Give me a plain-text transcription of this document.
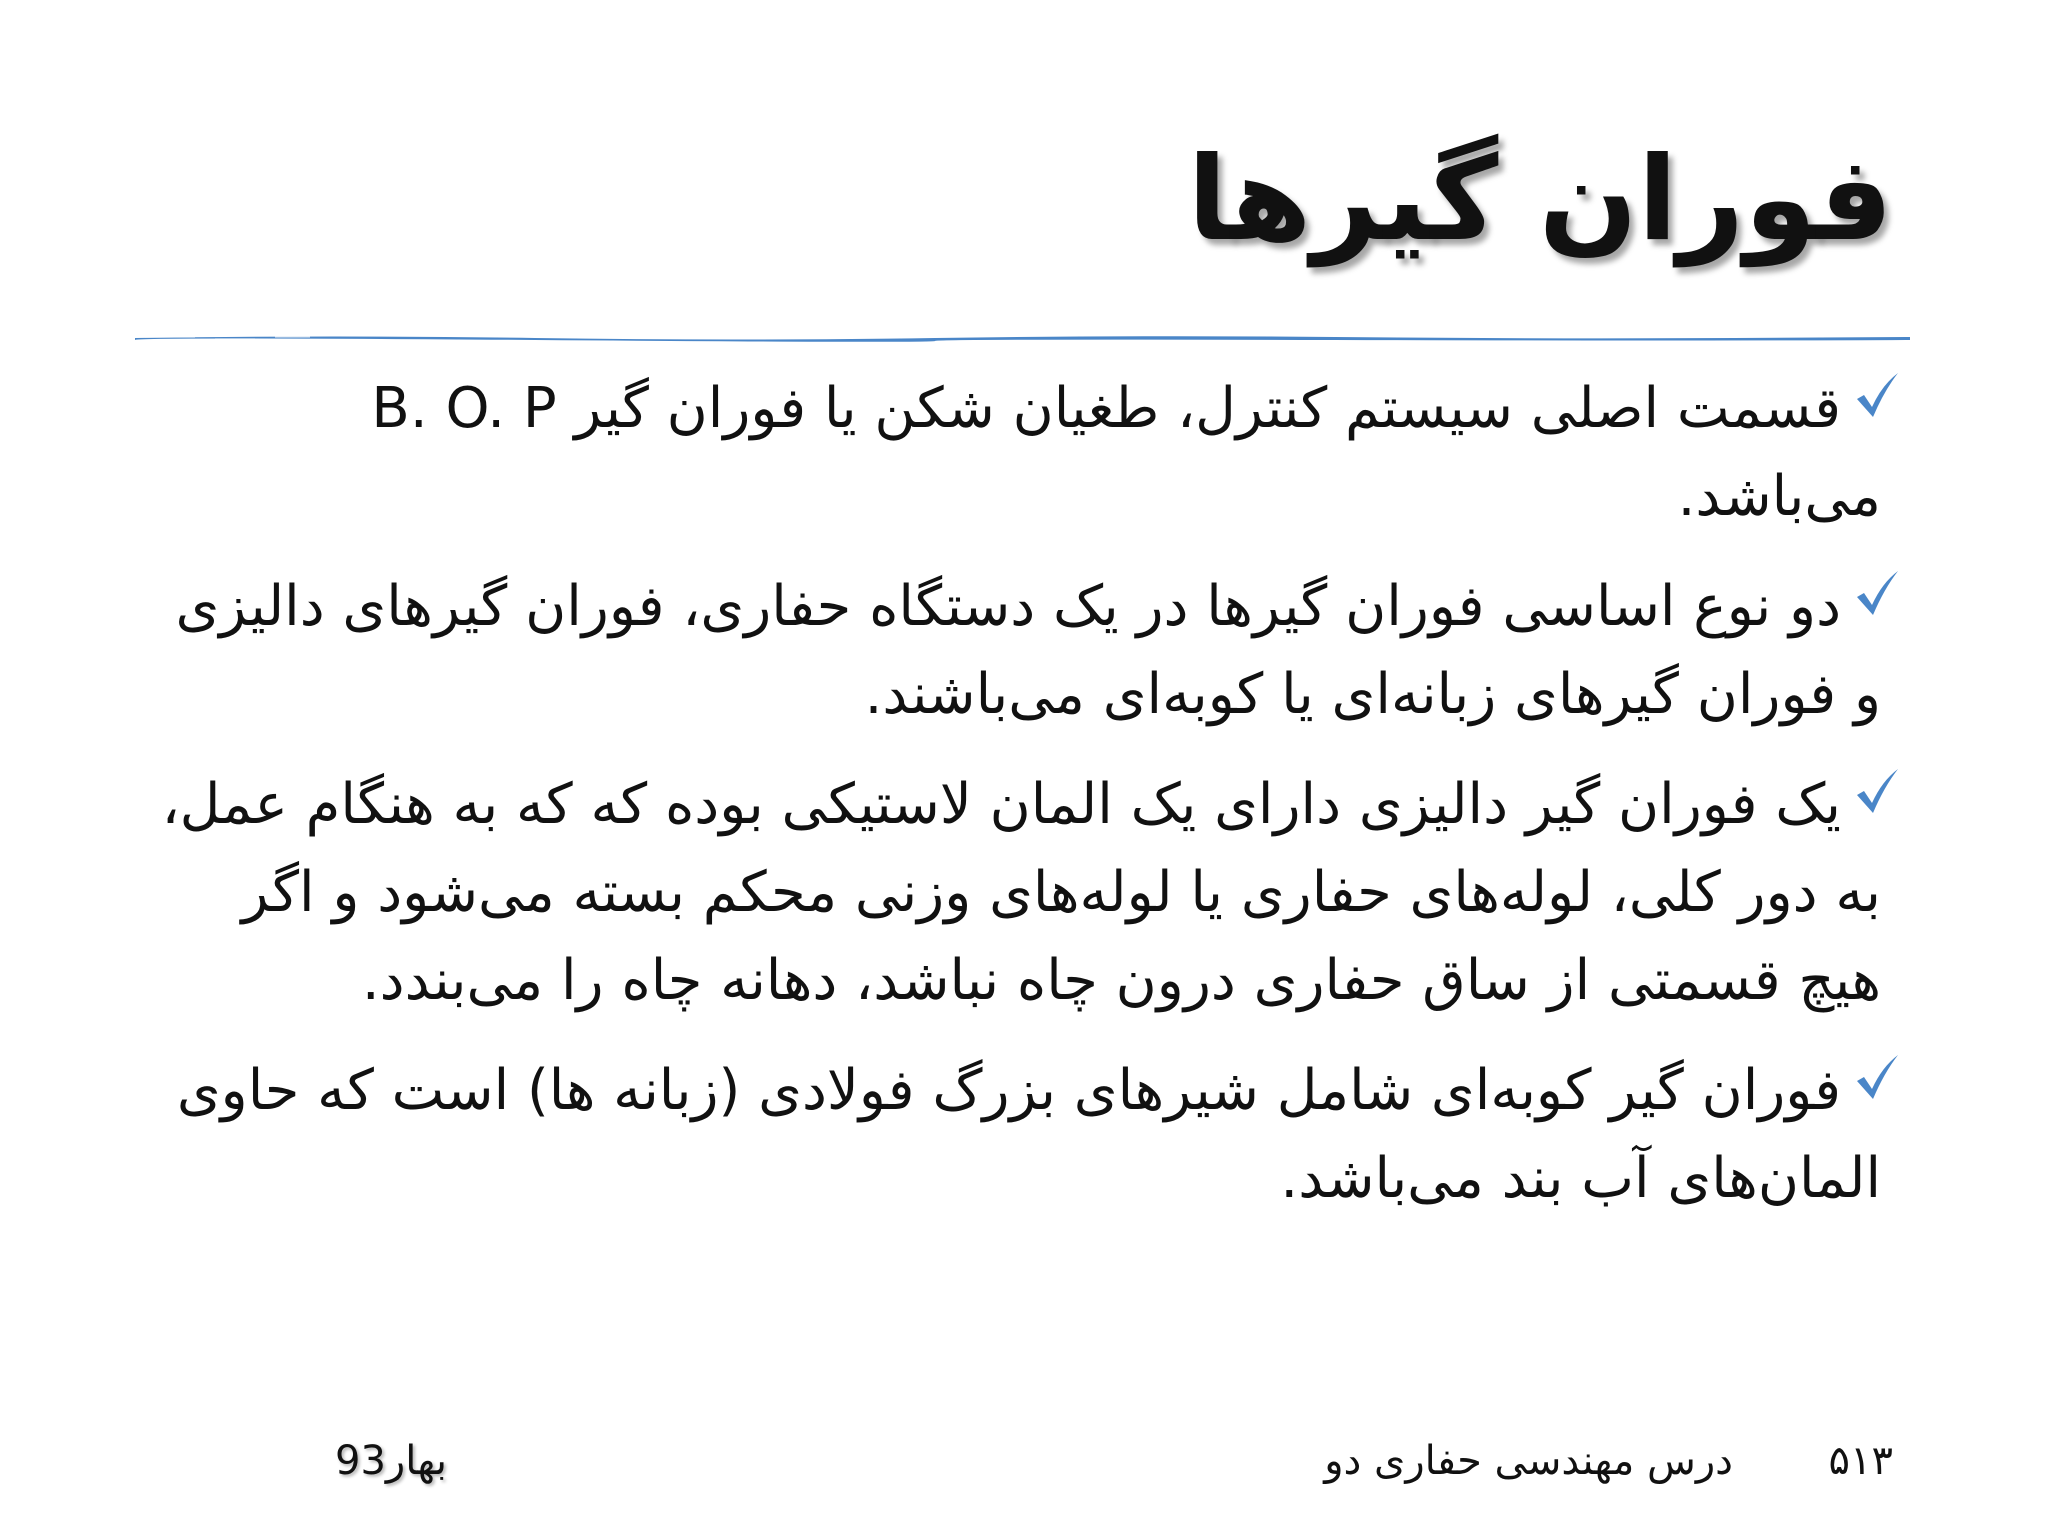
فوران گیرها
قسمت اصلی سیستم کنترل، طغیان شکن یا فوران گیر B. O. P می‌باشد.
دو نوع اساسی فوران گیرها در یک دستگاه حفاری، فوران گیرهای دالیزی و فوران گیرهای زبانه‌ای یا کوبه‌ای می‌باشند.
یک فوران گیر دالیزی دارای یک المان لاستیکی بوده که که به هنگام عمل، به دور کلی، لوله‌های حفاری یا لوله‌های وزنی محکم بسته می‌شود و اگر هیچ قسمتی از ساق حفاری درون چاه نباشد، دهانه چاه را می‌بندد.
فوران گیر کوبه‌ای شامل شیرهای بزرگ فولادی (زبانه ها) است که حاوی المان‌های آب بند می‌باشد.
۵۱۳
درس مهندسی حفاری دو
بهار93
